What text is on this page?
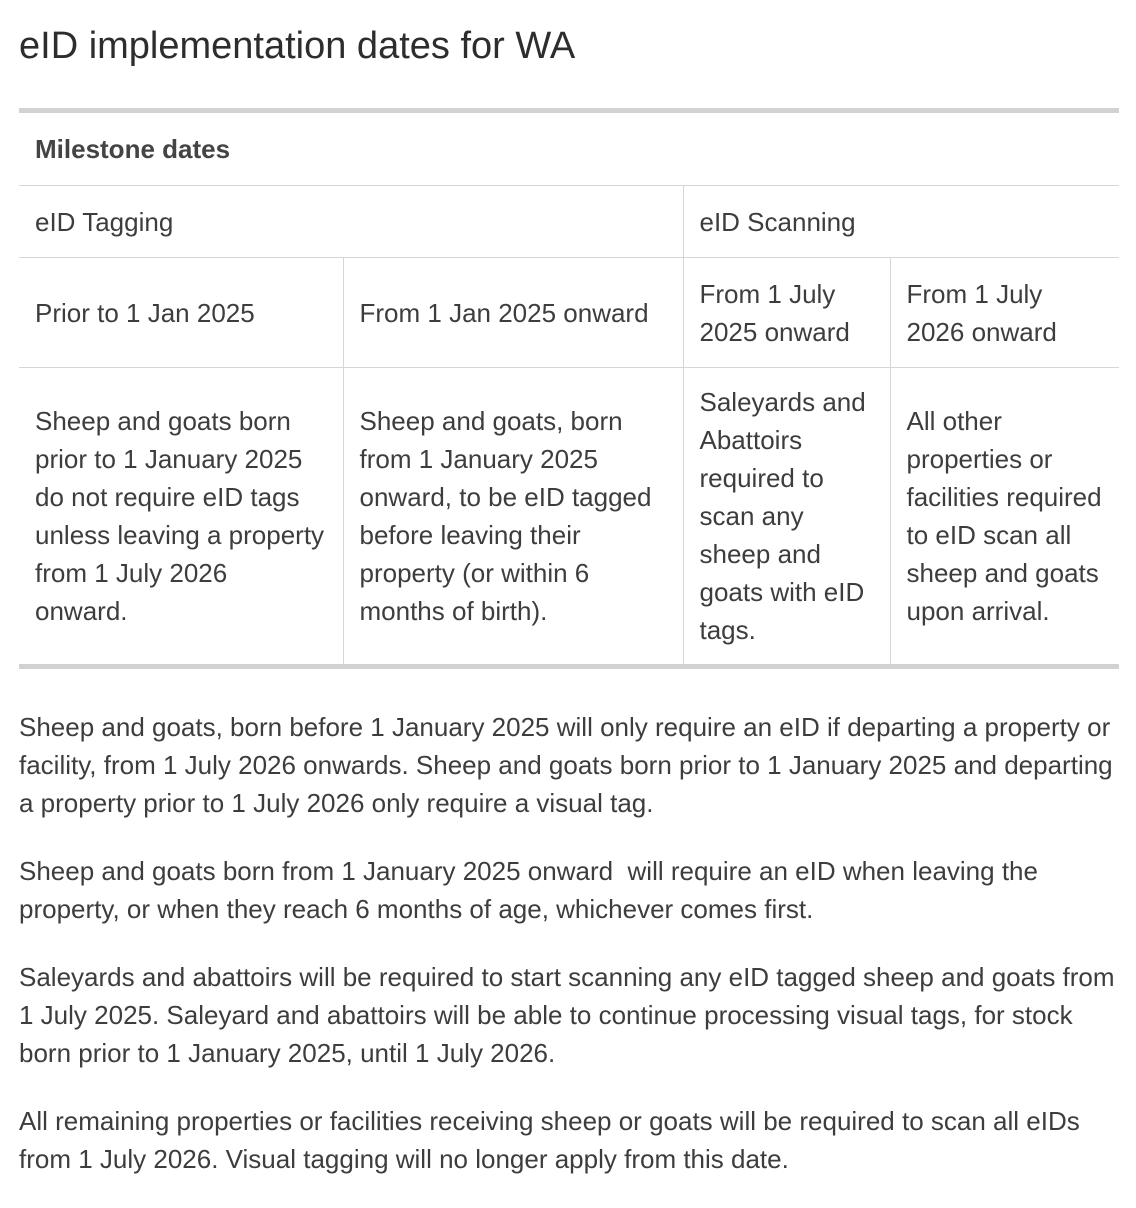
eID implementation dates for WA
Milestone dates			
eID Tagging		eID Scanning	
Prior to 1 Jan 2025	From 1 Jan 2025 onward	From 1 July 2025 onward	From 1 July 2026 onward
Sheep and goats born prior to 1 January 2025 do not require eID tags unless leaving a property from 1 July 2026 onward.	Sheep and goats, born from 1 January 2025 onward, to be eID tagged before leaving their property (or within 6 months of birth).	Saleyards and Abattoirs required to scan any sheep and goats with eID tags.	All other properties or facilities required to eID scan all sheep and goats upon arrival.

Sheep and goats, born before 1 January 2025 will only require an eID if departing a property or facility, from 1 July 2026 onwards. Sheep and goats born prior to 1 January 2025 and departing a property prior to 1 July 2026 only require a visual tag.

Sheep and goats born from 1 January 2025 onward  will require an eID when leaving the property, or when they reach 6 months of age, whichever comes first.

Saleyards and abattoirs will be required to start scanning any eID tagged sheep and goats from 1 July 2025. Saleyard and abattoirs will be able to continue processing visual tags, for stock born prior to 1 January 2025, until 1 July 2026.

All remaining properties or facilities receiving sheep or goats will be required to scan all eIDs from 1 July 2026. Visual tagging will no longer apply from this date.
